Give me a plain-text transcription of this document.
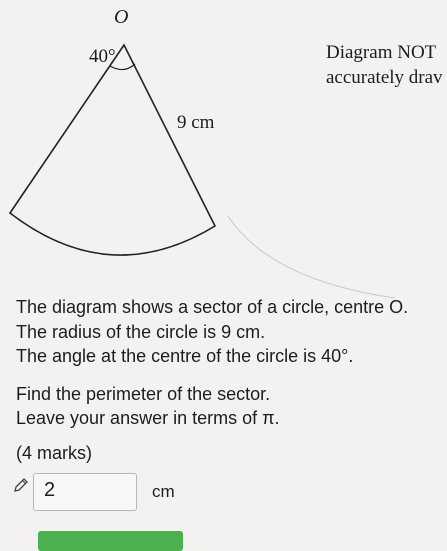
O
40°
9 cm
Diagram NOT
accurately drav
The diagram shows a sector of a circle, centre O.
The radius of the circle is 9 cm.
The angle at the centre of the circle is 40°.
Find the perimeter of the sector.
Leave your answer in terms of π.
(4 marks)
2	cm
